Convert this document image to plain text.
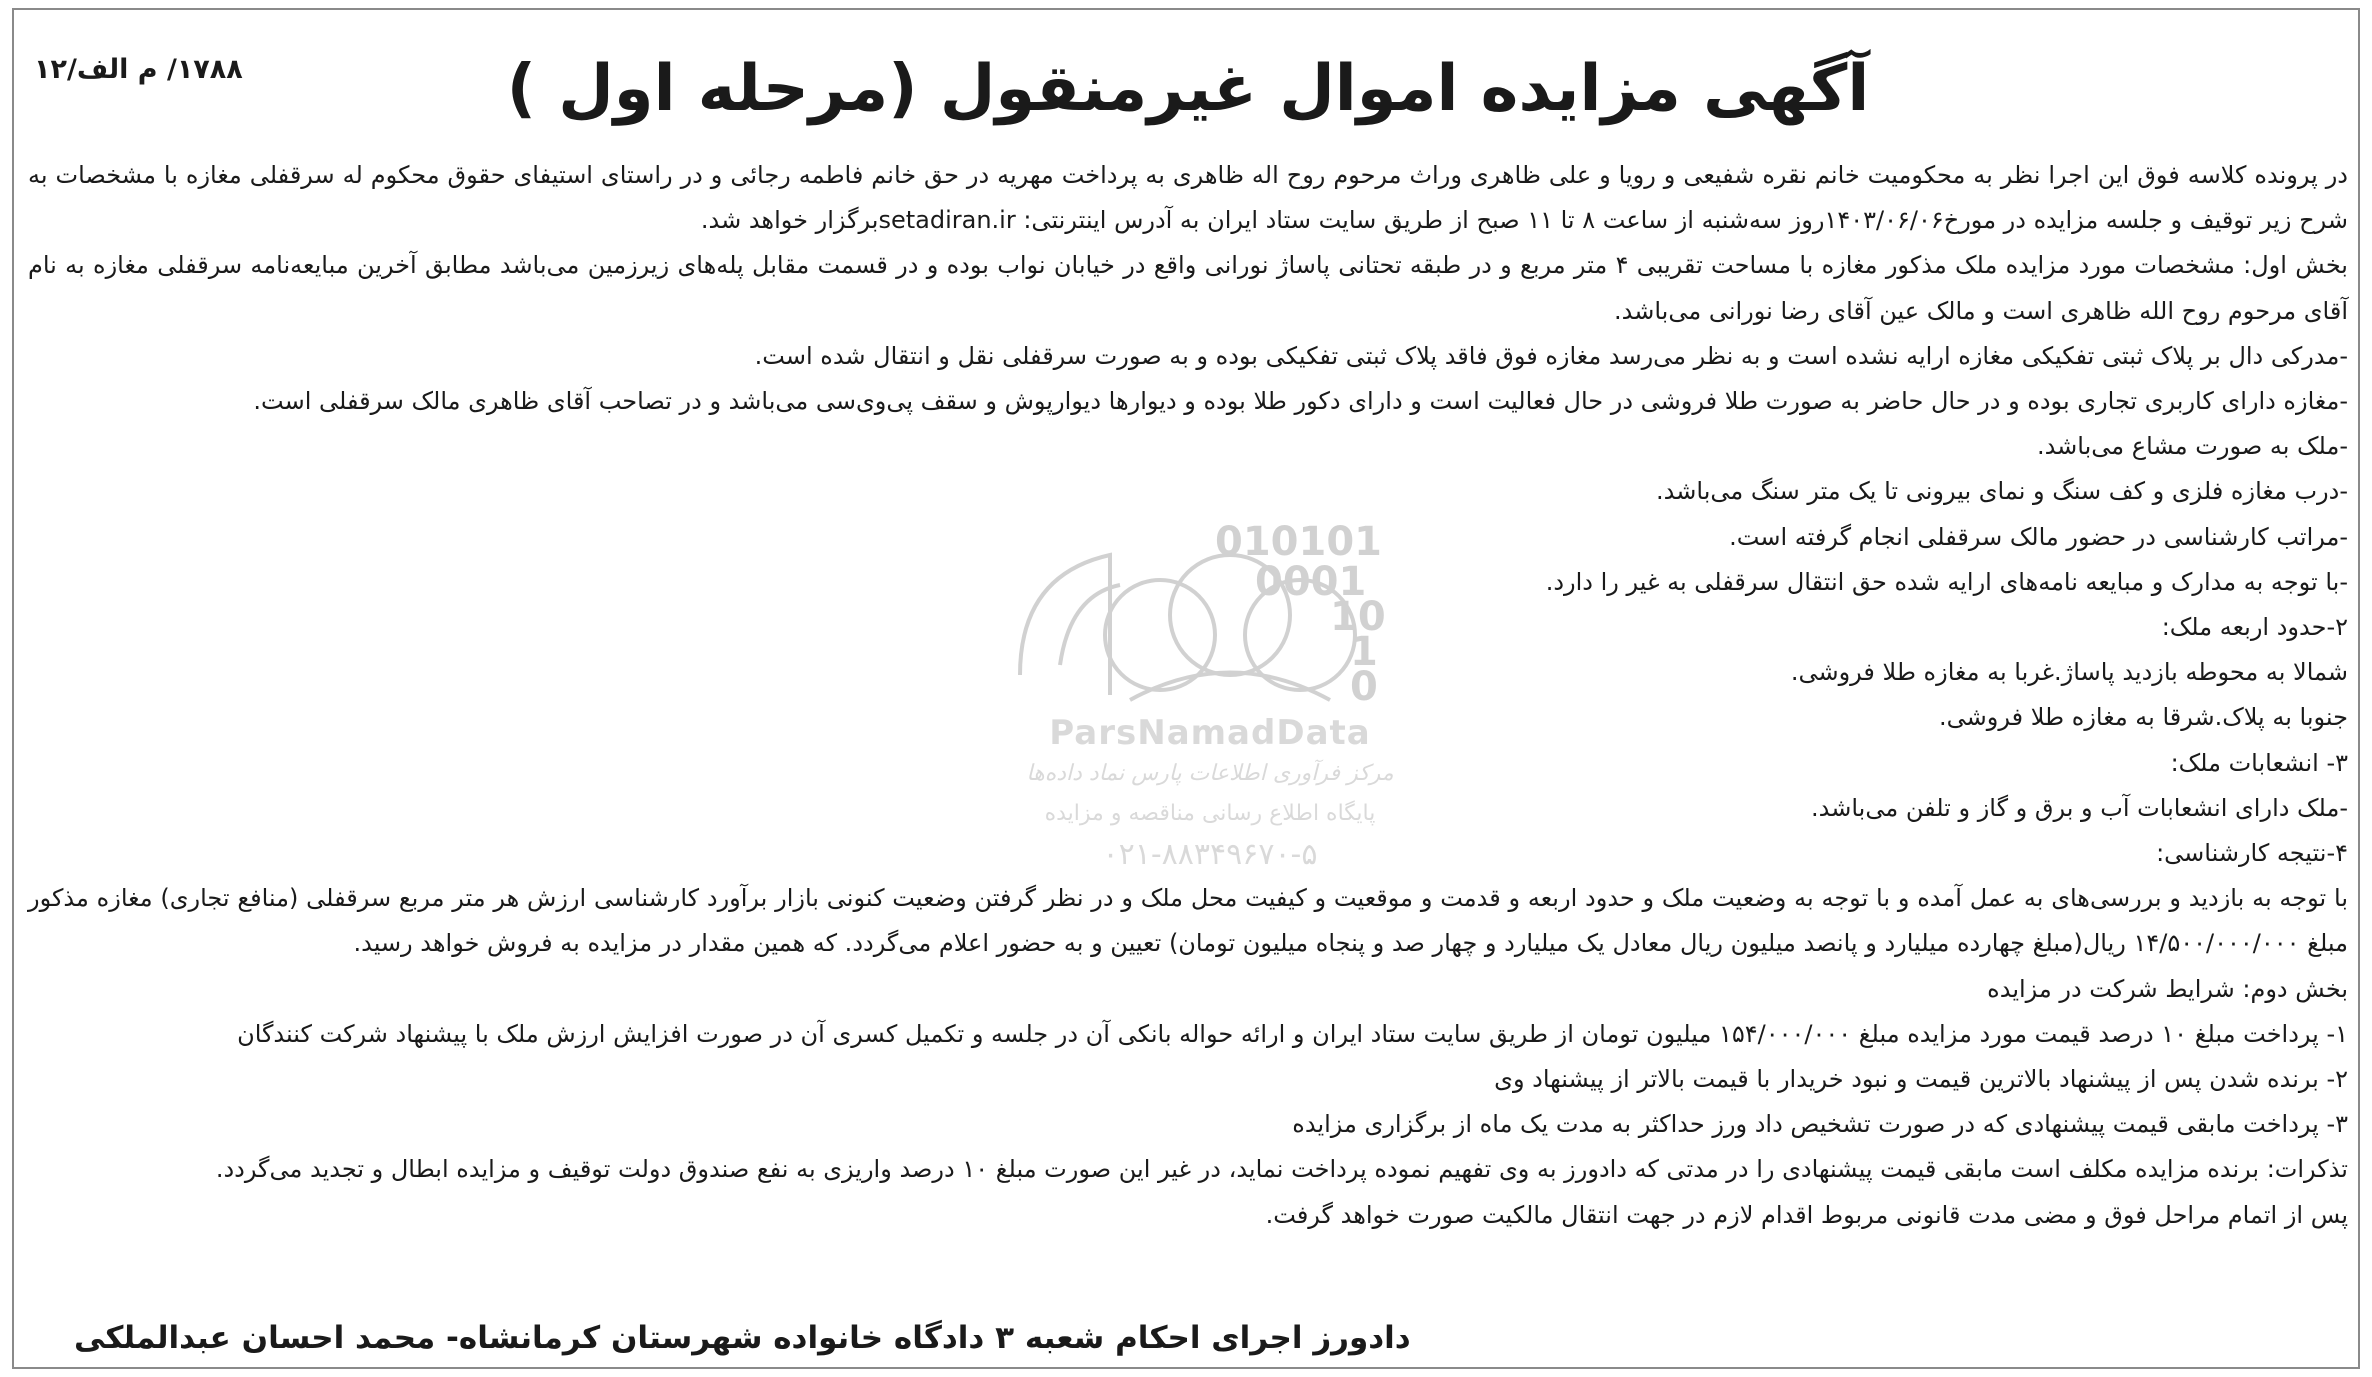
۱۷۸۸/ م الف/۱۲	آگهی مزایده اموال غیرمنقول (مرحله اول )
010101
0001
10
1
0
ParsNamadData
مرکز فرآوری اطلاعات پارس نماد داده‌ها
پایگاه اطلاع رسانی مناقصه و مزایده
۰۲۱-۸۸۳۴۹۶۷۰-۵

در پرونده کلاسه فوق این اجرا نظر به محکومیت خانم نقره شفیعی و رویا و علی ظاهری وراث مرحوم روح اله ظاهری به پرداخت مهریه در حق خانم فاطمه رجائی و در راستای استیفای حقوق محکوم له سرقفلی مغازه با مشخصات به شرح زیر توقیف و جلسه مزایده در مورخ۱۴۰۳/۰۶/۰۶روز سه‌شنبه از ساعت ۸ تا ۱۱ صبح از طریق سایت ستاد ایران به آدرس اینترنتی: setadiran.irبرگزار خواهد شد.

بخش اول: مشخصات مورد مزایده ملک مذکور مغازه با مساحت تقریبی ۴ متر مربع و در طبقه تحتانی پاساژ نورانی واقع در خیابان نواب بوده و در قسمت مقابل پله‌های زیرزمین می‌باشد مطابق آخرین مبایعه‌نامه سرقفلی مغازه به نام آقای مرحوم روح الله ظاهری است و مالک عین آقای رضا نورانی می‌باشد.

-مدرکی دال بر پلاک ثبتی تفکیکی مغازه ارایه نشده است و به نظر می‌رسد مغازه فوق فاقد پلاک ثبتی تفکیکی بوده و به صورت سرقفلی نقل و انتقال شده است.

-مغازه دارای کاربری تجاری بوده و در حال حاضر به صورت طلا فروشی در حال فعالیت است و دارای دکور طلا بوده و دیوارها دیوارپوش و سقف پی‌وی‌سی می‌باشد و در تصاحب آقای ظاهری مالک سرقفلی است.

-ملک به صورت مشاع می‌باشد.

-درب مغازه فلزی و کف سنگ و نمای بیرونی تا یک متر سنگ می‌باشد.

-مراتب کارشناسی در حضور مالک سرقفلی انجام گرفته است.

-با توجه به مدارک و مبایعه نامه‌های ارایه شده حق انتقال سرقفلی به غیر را دارد.

۲-حدود اربعه ملک:

شمالا به محوطه بازدید پاساژ.غربا به مغازه طلا فروشی.

جنوبا به پلاک.شرقا به مغازه طلا فروشی.

۳- انشعابات ملک:

-ملک دارای انشعابات آب و برق و گاز و تلفن می‌باشد.

۴-نتیجه کارشناسی:

با توجه به بازدید و بررسی‌های به عمل آمده و با توجه به وضعیت ملک و حدود اربعه و قدمت و موقعیت و کیفیت محل ملک و در نظر گرفتن وضعیت کنونی بازار برآورد کارشناسی ارزش هر متر مربع سرقفلی (منافع تجاری) مغازه مذکور مبلغ ۱۴/۵۰۰/۰۰۰/۰۰۰ ریال(مبلغ چهارده میلیارد و پانصد میلیون ریال معادل یک میلیارد و چهار صد و پنجاه میلیون تومان) تعیین و به حضور اعلام می‌گردد. که همین مقدار در مزایده به فروش خواهد رسید.

بخش دوم: شرایط شرکت در مزایده

۱- پرداخت مبلغ ۱۰ درصد قیمت مورد مزایده مبلغ ۱۵۴/۰۰۰/۰۰۰ میلیون تومان از طریق سایت ستاد ایران و ارائه حواله بانکی آن در جلسه و تکمیل کسری آن در صورت افزایش ارزش ملک با پیشنهاد شرکت کنندگان

۲- برنده شدن پس از پیشنهاد بالاترین قیمت و نبود خریدار با قیمت بالاتر از پیشنهاد وی

۳- پرداخت مابقی قیمت پیشنهادی که در صورت تشخیص داد ورز حداکثر به مدت یک ماه از برگزاری مزایده

تذکرات: برنده مزایده مکلف است مابقی قیمت پیشنهادی را در مدتی که دادورز به وی تفهیم نموده پرداخت نماید، در غیر این صورت مبلغ ۱۰ درصد واریزی به نفع صندوق دولت توقیف و مزایده ابطال و تجدید می‌گردد.

پس از اتمام مراحل فوق و مضی مدت قانونی مربوط اقدام لازم در جهت انتقال مالکیت صورت خواهد گرفت.

دادورز اجرای احکام شعبه ۳ دادگاه خانواده شهرستان کرمانشاه- محمد احسان عبدالملکی
